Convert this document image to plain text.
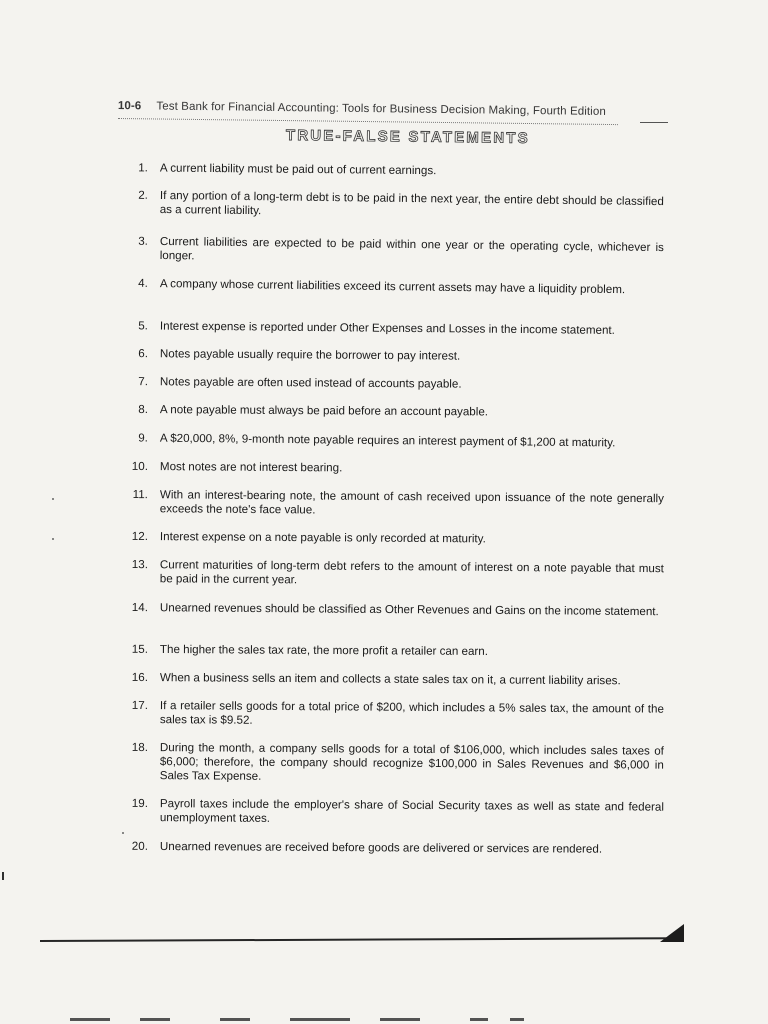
10-6 Test Bank for Financial Accounting: Tools for Business Decision Making, Fourth Edition
TRUE-FALSE STATEMENTS
1. A current liability must be paid out of current earnings.
2. If any portion of a long-term debt is to be paid in the next year, the entire debt should be classified as a current liability.
3. Current liabilities are expected to be paid within one year or the operating cycle, whichever is longer.
4. A company whose current liabilities exceed its current assets may have a liquidity problem.
5. Interest expense is reported under Other Expenses and Losses in the income statement.
6. Notes payable usually require the borrower to pay interest.
7. Notes payable are often used instead of accounts payable.
8. A note payable must always be paid before an account payable.
9. A $20,000, 8%, 9-month note payable requires an interest payment of $1,200 at maturity.
10. Most notes are not interest bearing.
11. With an interest-bearing note, the amount of cash received upon issuance of the note generally exceeds the note's face value.
12. Interest expense on a note payable is only recorded at maturity.
13. Current maturities of long-term debt refers to the amount of interest on a note payable that must be paid in the current year.
14. Unearned revenues should be classified as Other Revenues and Gains on the income statement.
15. The higher the sales tax rate, the more profit a retailer can earn.
16. When a business sells an item and collects a state sales tax on it, a current liability arises.
17. If a retailer sells goods for a total price of $200, which includes a 5% sales tax, the amount of the sales tax is $9.52.
18. During the month, a company sells goods for a total of $106,000, which includes sales taxes of $6,000; therefore, the company should recognize $100,000 in Sales Revenues and $6,000 in Sales Tax Expense.
19. Payroll taxes include the employer's share of Social Security taxes as well as state and federal unemployment taxes.
20. Unearned revenues are received before goods are delivered or services are rendered.
